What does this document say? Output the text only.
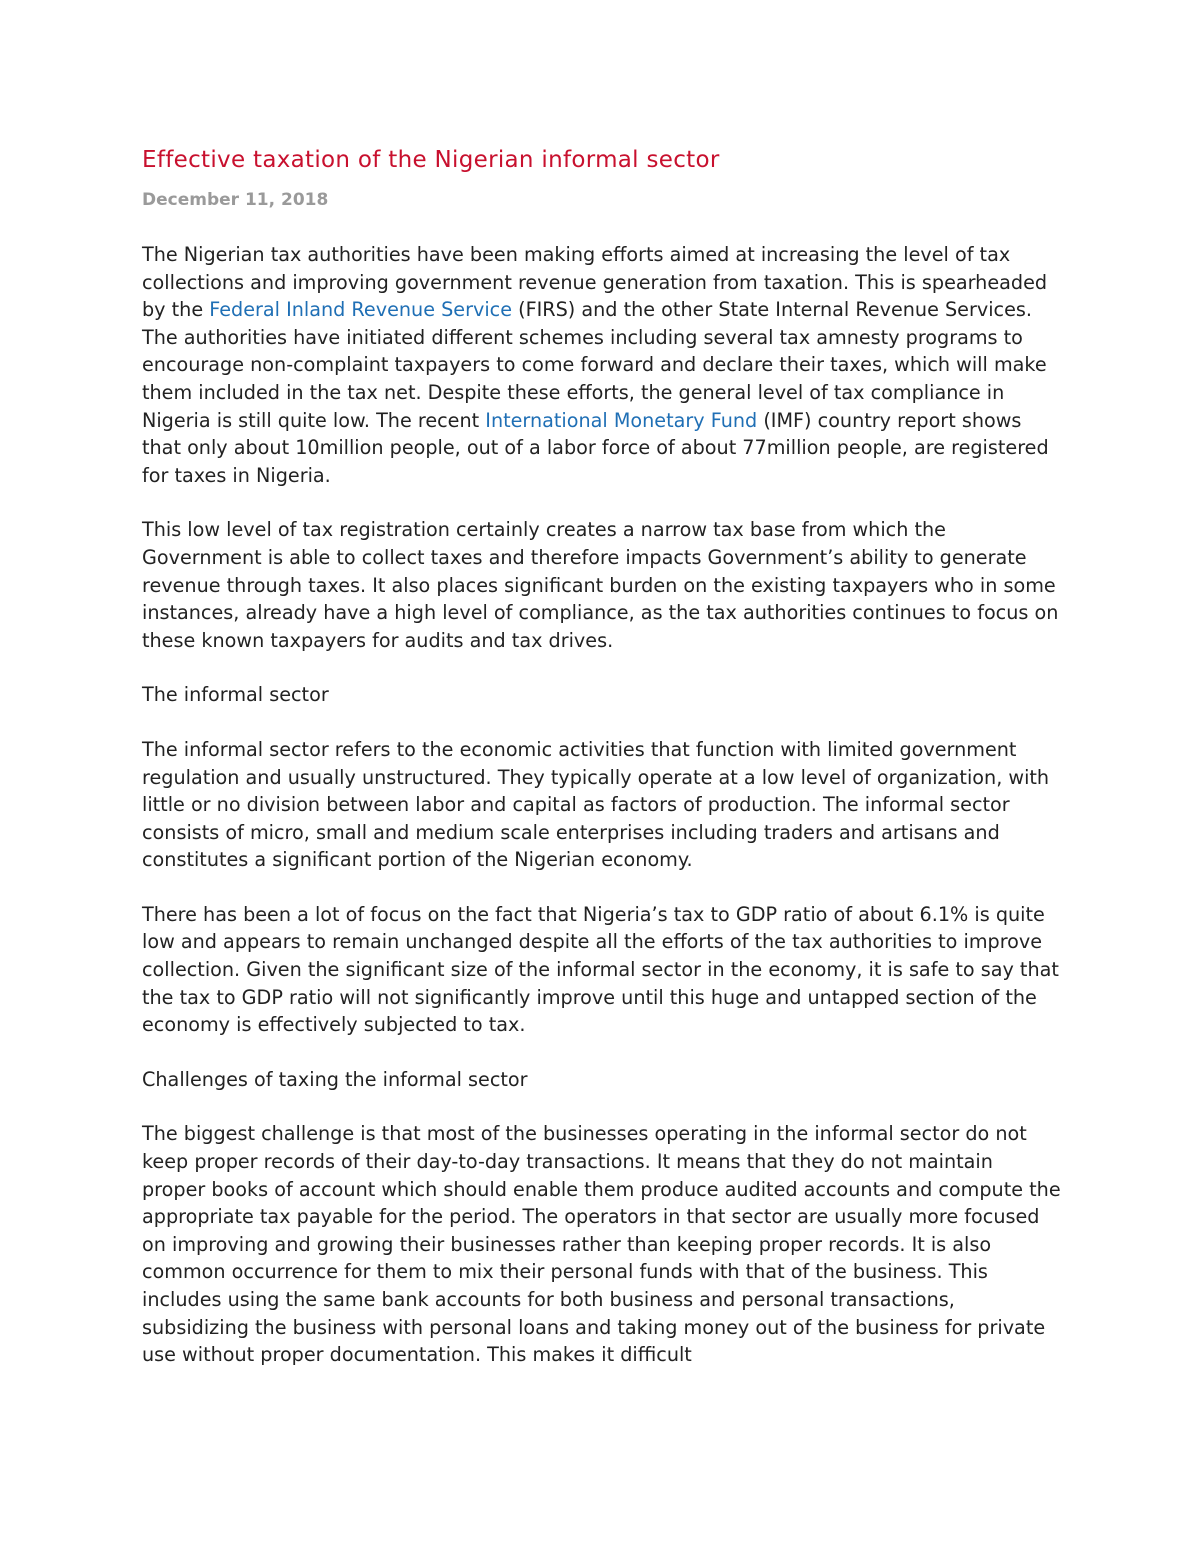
Effective taxation of the Nigerian informal sector
December 11, 2018

The Nigerian tax authorities have been making efforts aimed at increasing the level of tax collections and improving government revenue generation from taxation. This is spearheaded by the Federal Inland Revenue Service (FIRS) and the other State Internal Revenue Services. The authorities have initiated different schemes including several tax amnesty programs to encourage non-complaint taxpayers to come forward and declare their taxes, which will make them included in the tax net. Despite these efforts, the general level of tax compliance in Nigeria is still quite low. The recent International Monetary Fund (IMF) country report shows that only about 10million people, out of a labor force of about 77million people, are registered for taxes in Nigeria.

This low level of tax registration certainly creates a narrow tax base from which the Government is able to collect taxes and therefore impacts Government’s ability to generate revenue through taxes. It also places significant burden on the existing taxpayers who in some instances, already have a high level of compliance, as the tax authorities continues to focus on these known taxpayers for audits and tax drives.

The informal sector

The informal sector refers to the economic activities that function with limited government regulation and usually unstructured. They typically operate at a low level of organization, with little or no division between labor and capital as factors of production. The informal sector consists of micro, small and medium scale enterprises including traders and artisans and constitutes a significant portion of the Nigerian economy.

There has been a lot of focus on the fact that Nigeria’s tax to GDP ratio of about 6.1% is quite low and appears to remain unchanged despite all the efforts of the tax authorities to improve collection. Given the significant size of the informal sector in the economy, it is safe to say that the tax to GDP ratio will not significantly improve until this huge and untapped section of the economy is effectively subjected to tax.

Challenges of taxing the informal sector

The biggest challenge is that most of the businesses operating in the informal sector do not keep proper records of their day-to-day transactions. It means that they do not maintain proper books of account which should enable them produce audited accounts and compute the appropriate tax payable for the period. The operators in that sector are usually more focused on improving and growing their businesses rather than keeping proper records. It is also common occurrence for them to mix their personal funds with that of the business. This includes using the same bank accounts for both business and personal transactions, subsidizing the business with personal loans and taking money out of the business for private use without proper documentation. This makes it difficult
